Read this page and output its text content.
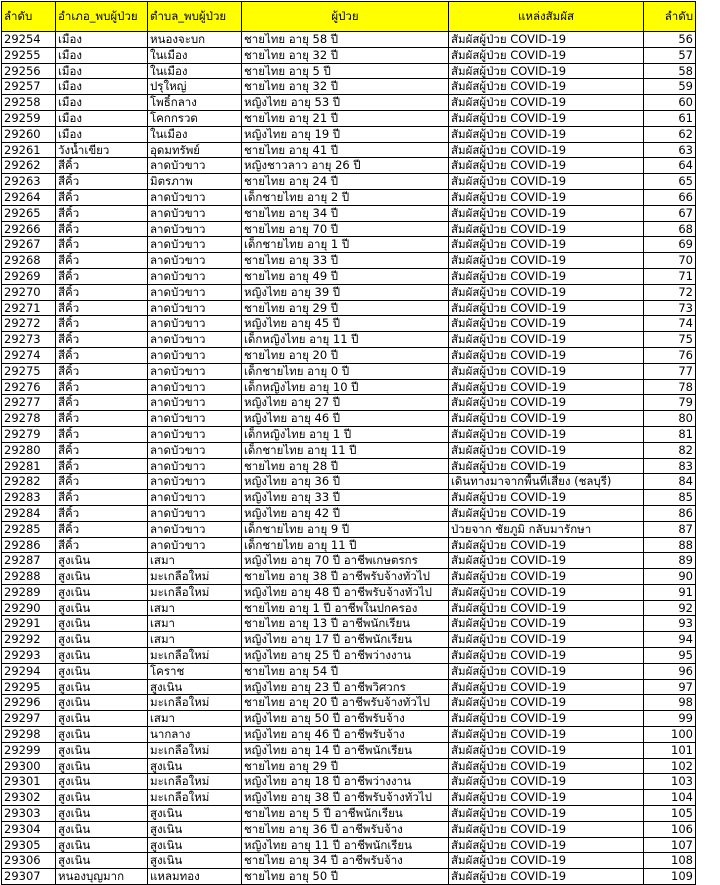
ลำดับ	อำเภอ_พบผู้ป่วย	ตำบล_พบผู้ป่วย	ผู้ป่วย	แหล่งสัมผัส	ลำดับ
29254	เมือง	หนองจะบก	ชายไทย อายุ 58 ปี	สัมผัสผู้ป่วย COVID-19	56
29255	เมือง	ในเมือง	ชายไทย อายุ 32 ปี	สัมผัสผู้ป่วย COVID-19	57
29256	เมือง	ในเมือง	ชายไทย อายุ 5 ปี	สัมผัสผู้ป่วย COVID-19	58
29257	เมือง	ปรุใหญ่	ชายไทย อายุ 32 ปี	สัมผัสผู้ป่วย COVID-19	59
29258	เมือง	โพธิ์กลาง	หญิงไทย อายุ 53 ปี	สัมผัสผู้ป่วย COVID-19	60
29259	เมือง	โคกกรวด	ชายไทย อายุ 21 ปี	สัมผัสผู้ป่วย COVID-19	61
29260	เมือง	ในเมือง	หญิงไทย อายุ 19 ปี	สัมผัสผู้ป่วย COVID-19	62
29261	วังน้ำเขียว	อุดมทรัพย์	ชายไทย อายุ 41 ปี	สัมผัสผู้ป่วย COVID-19	63
29262	สีคิ้ว	ลาดบัวขาว	หญิงชาวลาว อายุ 26 ปี	สัมผัสผู้ป่วย COVID-19	64
29263	สีคิ้ว	มิตรภาพ	ชายไทย อายุ 24 ปี	สัมผัสผู้ป่วย COVID-19	65
29264	สีคิ้ว	ลาดบัวขาว	เด็กชายไทย อายุ 2 ปี	สัมผัสผู้ป่วย COVID-19	66
29265	สีคิ้ว	ลาดบัวขาว	ชายไทย อายุ 34 ปี	สัมผัสผู้ป่วย COVID-19	67
29266	สีคิ้ว	ลาดบัวขาว	ชายไทย อายุ 70 ปี	สัมผัสผู้ป่วย COVID-19	68
29267	สีคิ้ว	ลาดบัวขาว	เด็กชายไทย อายุ 1 ปี	สัมผัสผู้ป่วย COVID-19	69
29268	สีคิ้ว	ลาดบัวขาว	ชายไทย อายุ 33 ปี	สัมผัสผู้ป่วย COVID-19	70
29269	สีคิ้ว	ลาดบัวขาว	ชายไทย อายุ 49 ปี	สัมผัสผู้ป่วย COVID-19	71
29270	สีคิ้ว	ลาดบัวขาว	หญิงไทย อายุ 39 ปี	สัมผัสผู้ป่วย COVID-19	72
29271	สีคิ้ว	ลาดบัวขาว	ชายไทย อายุ 29 ปี	สัมผัสผู้ป่วย COVID-19	73
29272	สีคิ้ว	ลาดบัวขาว	หญิงไทย อายุ 45 ปี	สัมผัสผู้ป่วย COVID-19	74
29273	สีคิ้ว	ลาดบัวขาว	เด็กหญิงไทย อายุ 11 ปี	สัมผัสผู้ป่วย COVID-19	75
29274	สีคิ้ว	ลาดบัวขาว	ชายไทย อายุ 20 ปี	สัมผัสผู้ป่วย COVID-19	76
29275	สีคิ้ว	ลาดบัวขาว	เด็กชายไทย อายุ 0 ปี	สัมผัสผู้ป่วย COVID-19	77
29276	สีคิ้ว	ลาดบัวขาว	เด็กหญิงไทย อายุ 10 ปี	สัมผัสผู้ป่วย COVID-19	78
29277	สีคิ้ว	ลาดบัวขาว	หญิงไทย อายุ 27 ปี	สัมผัสผู้ป่วย COVID-19	79
29278	สีคิ้ว	ลาดบัวขาว	หญิงไทย อายุ 46 ปี	สัมผัสผู้ป่วย COVID-19	80
29279	สีคิ้ว	ลาดบัวขาว	เด็กหญิงไทย อายุ 1 ปี	สัมผัสผู้ป่วย COVID-19	81
29280	สีคิ้ว	ลาดบัวขาว	เด็กชายไทย อายุ 11 ปี	สัมผัสผู้ป่วย COVID-19	82
29281	สีคิ้ว	ลาดบัวขาว	ชายไทย อายุ 28 ปี	สัมผัสผู้ป่วย COVID-19	83
29282	สีคิ้ว	ลาดบัวขาว	หญิงไทย อายุ 36 ปี	เดินทางมาจากพื้นที่เสี่ยง (ชลบุรี)	84
29283	สีคิ้ว	ลาดบัวขาว	หญิงไทย อายุ 33 ปี	สัมผัสผู้ป่วย COVID-19	85
29284	สีคิ้ว	ลาดบัวขาว	หญิงไทย อายุ 42 ปี	สัมผัสผู้ป่วย COVID-19	86
29285	สีคิ้ว	ลาดบัวขาว	เด็กชายไทย อายุ 9 ปี	ป่วยจาก ชัยภูมิ กลับมารักษา	87
29286	สีคิ้ว	ลาดบัวขาว	เด็กชายไทย อายุ 11 ปี	สัมผัสผู้ป่วย COVID-19	88
29287	สูงเนิน	เสมา	หญิงไทย อายุ 70 ปี อาชีพเกษตรกร	สัมผัสผู้ป่วย COVID-19	89
29288	สูงเนิน	มะเกลือใหม่	ชายไทย อายุ 38 ปี อาชีพรับจ้างทั่วไป	สัมผัสผู้ป่วย COVID-19	90
29289	สูงเนิน	มะเกลือใหม่	หญิงไทย อายุ 48 ปี อาชีพรับจ้างทั่วไป	สัมผัสผู้ป่วย COVID-19	91
29290	สูงเนิน	เสมา	ชายไทย อายุ 1 ปี อาชีพในปกครอง	สัมผัสผู้ป่วย COVID-19	92
29291	สูงเนิน	เสมา	ชายไทย อายุ 13 ปี อาชีพนักเรียน	สัมผัสผู้ป่วย COVID-19	93
29292	สูงเนิน	เสมา	หญิงไทย อายุ 17 ปี อาชีพนักเรียน	สัมผัสผู้ป่วย COVID-19	94
29293	สูงเนิน	มะเกลือใหม่	หญิงไทย อายุ 25 ปี อาชีพว่างงาน	สัมผัสผู้ป่วย COVID-19	95
29294	สูงเนิน	โคราช	ชายไทย อายุ 54 ปี	สัมผัสผู้ป่วย COVID-19	96
29295	สูงเนิน	สูงเนิน	หญิงไทย อายุ 23 ปี อาชีพวิศวกร	สัมผัสผู้ป่วย COVID-19	97
29296	สูงเนิน	มะเกลือใหม่	ชายไทย อายุ 20 ปี อาชีพรับจ้างทั่วไป	สัมผัสผู้ป่วย COVID-19	98
29297	สูงเนิน	เสมา	หญิงไทย อายุ 50 ปี อาชีพรับจ้าง	สัมผัสผู้ป่วย COVID-19	99
29298	สูงเนิน	นากลาง	หญิงไทย อายุ 46 ปี อาชีพรับจ้าง	สัมผัสผู้ป่วย COVID-19	100
29299	สูงเนิน	มะเกลือใหม่	หญิงไทย อายุ 14 ปี อาชีพนักเรียน	สัมผัสผู้ป่วย COVID-19	101
29300	สูงเนิน	สูงเนิน	ชายไทย อายุ 29 ปี	สัมผัสผู้ป่วย COVID-19	102
29301	สูงเนิน	มะเกลือใหม่	หญิงไทย อายุ 18 ปี อาชีพว่างงาน	สัมผัสผู้ป่วย COVID-19	103
29302	สูงเนิน	มะเกลือใหม่	หญิงไทย อายุ 38 ปี อาชีพรับจ้างทั่วไป	สัมผัสผู้ป่วย COVID-19	104
29303	สูงเนิน	สูงเนิน	ชายไทย อายุ 5 ปี อาชีพนักเรียน	สัมผัสผู้ป่วย COVID-19	105
29304	สูงเนิน	สูงเนิน	ชายไทย อายุ 36 ปี อาชีพรับจ้าง	สัมผัสผู้ป่วย COVID-19	106
29305	สูงเนิน	สูงเนิน	หญิงไทย อายุ 11 ปี อาชีพนักเรียน	สัมผัสผู้ป่วย COVID-19	107
29306	สูงเนิน	สูงเนิน	ชายไทย อายุ 34 ปี อาชีพรับจ้าง	สัมผัสผู้ป่วย COVID-19	108
29307	หนองบุญมาก	แหลมทอง	ชายไทย อายุ 50 ปี	สัมผัสผู้ป่วย COVID-19	109
